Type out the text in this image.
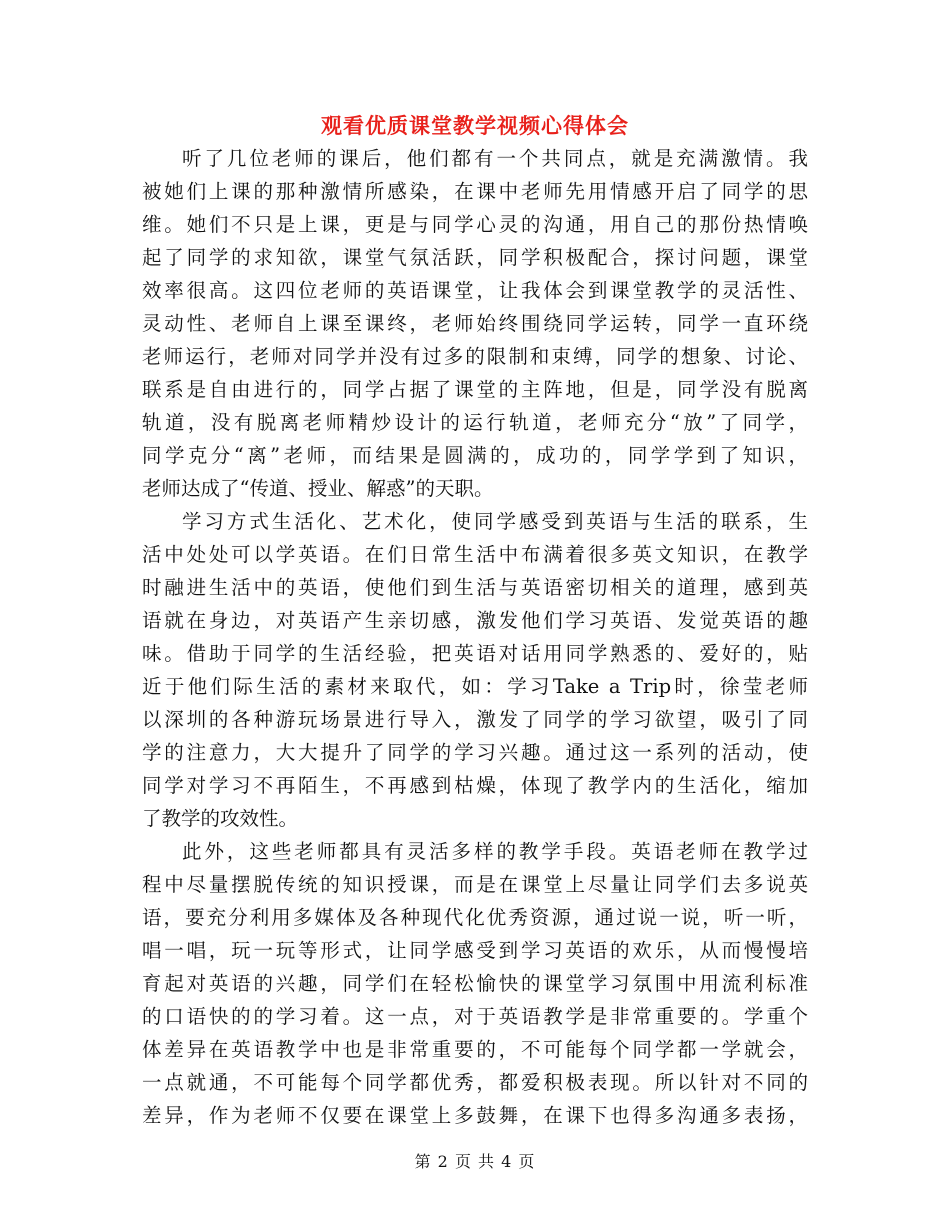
观看优质课堂教学视频心得体会
听了几位老师的课后，他们都有一个共同点，就是充满激情。我
被她们上课的那种激情所感染，在课中老师先用情感开启了同学的思
维。她们不只是上课，更是与同学心灵的沟通，用自己的那份热情唤
起了同学的求知欲，课堂气氛活跃，同学积极配合，探讨问题，课堂
效率很高。这四位老师的英语课堂，让我体会到课堂教学的灵活性、
灵动性、老师自上课至课终，老师始终围绕同学运转，同学一直环绕
老师运行，老师对同学并没有过多的限制和束缚，同学的想象、讨论、
联系是自由进行的，同学占据了课堂的主阵地，但是，同学没有脱离
轨道，没有脱离老师精炒设计的运行轨道，老师充分“放”了同学，
同学克分“离”老师，而结果是圆满的，成功的，同学学到了知识，
老师达成了“传道、授业、解惑”的天职。
学习方式生活化、艺术化，使同学感受到英语与生活的联系，生
活中处处可以学英语。在们日常生活中布满着很多英文知识，在教学
时融进生活中的英语，使他们到生活与英语密切相关的道理，感到英
语就在身边，对英语产生亲切感，激发他们学习英语、发觉英语的趣
味。借助于同学的生活经验，把英语对话用同学熟悉的、爱好的，贴
近于他们际生活的素材来取代，如：学习Take a Trip时，徐莹老师
以深圳的各种游玩场景进行导入，激发了同学的学习欲望，吸引了同
学的注意力，大大提升了同学的学习兴趣。通过这一系列的活动，使
同学对学习不再陌生，不再感到枯燥，体现了教学内的生活化，缩加
了教学的攻效性。
此外，这些老师都具有灵活多样的教学手段。英语老师在教学过
程中尽量摆脱传统的知识授课，而是在课堂上尽量让同学们去多说英
语，要充分利用多媒体及各种现代化优秀资源，通过说一说，听一听，
唱一唱，玩一玩等形式，让同学感受到学习英语的欢乐，从而慢慢培
育起对英语的兴趣，同学们在轻松愉快的课堂学习氛围中用流利标准
的口语快的的学习着。这一点，对于英语教学是非常重要的。学重个
体差异在英语教学中也是非常重要的，不可能每个同学都一学就会，
一点就通，不可能每个同学都优秀，都爱积极表现。所以针对不同的
差异，作为老师不仅要在课堂上多鼓舞，在课下也得多沟通多表扬，
第 2 页 共 4 页
